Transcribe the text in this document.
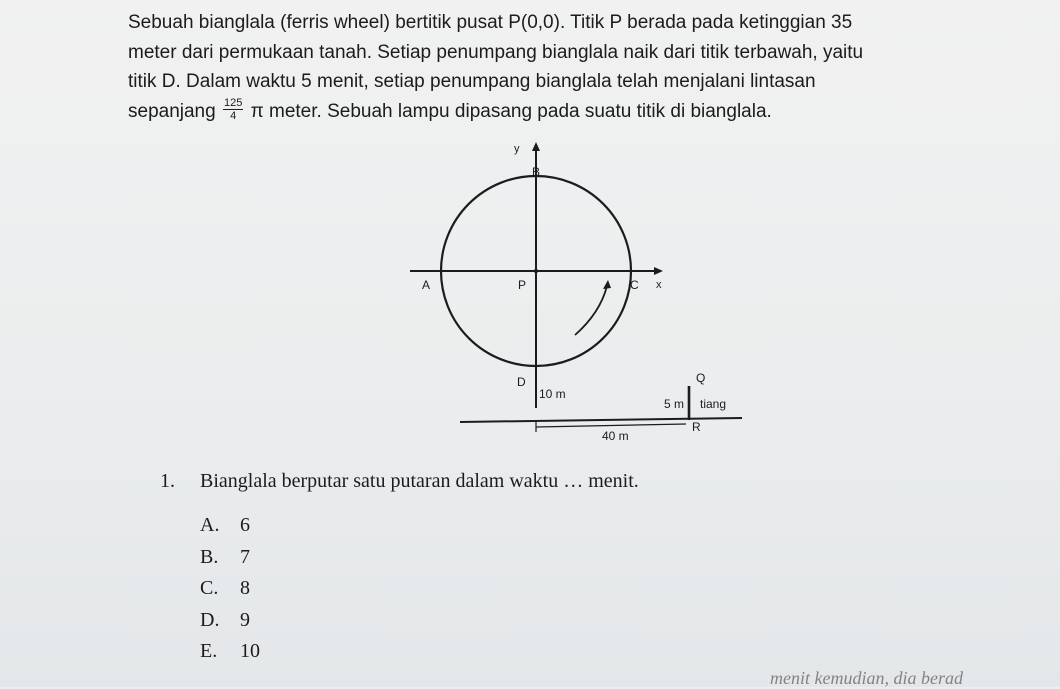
Sebuah bianglala (ferris wheel) bertitik pusat P(0,0). Titik P berada pada ketinggian 35
meter dari permukaan tanah. Setiap penumpang bianglala naik dari titik terbawah, yaitu
titik D. Dalam waktu 5 menit, setiap penumpang bianglala telah menjalani lintasan
sepanjang $\frac{125}{4}$ π meter. Sebuah lampu dipasang pada suatu titik di bianglala.
y
B
A	P	C x
D
10 m
Q
5 m tiang
R
40 m
1. Bianglala berputar satu putaran dalam waktu … menit.
A. 6
B. 7
C. 8
D. 9
E. 10
menit kemudian, dia berad
